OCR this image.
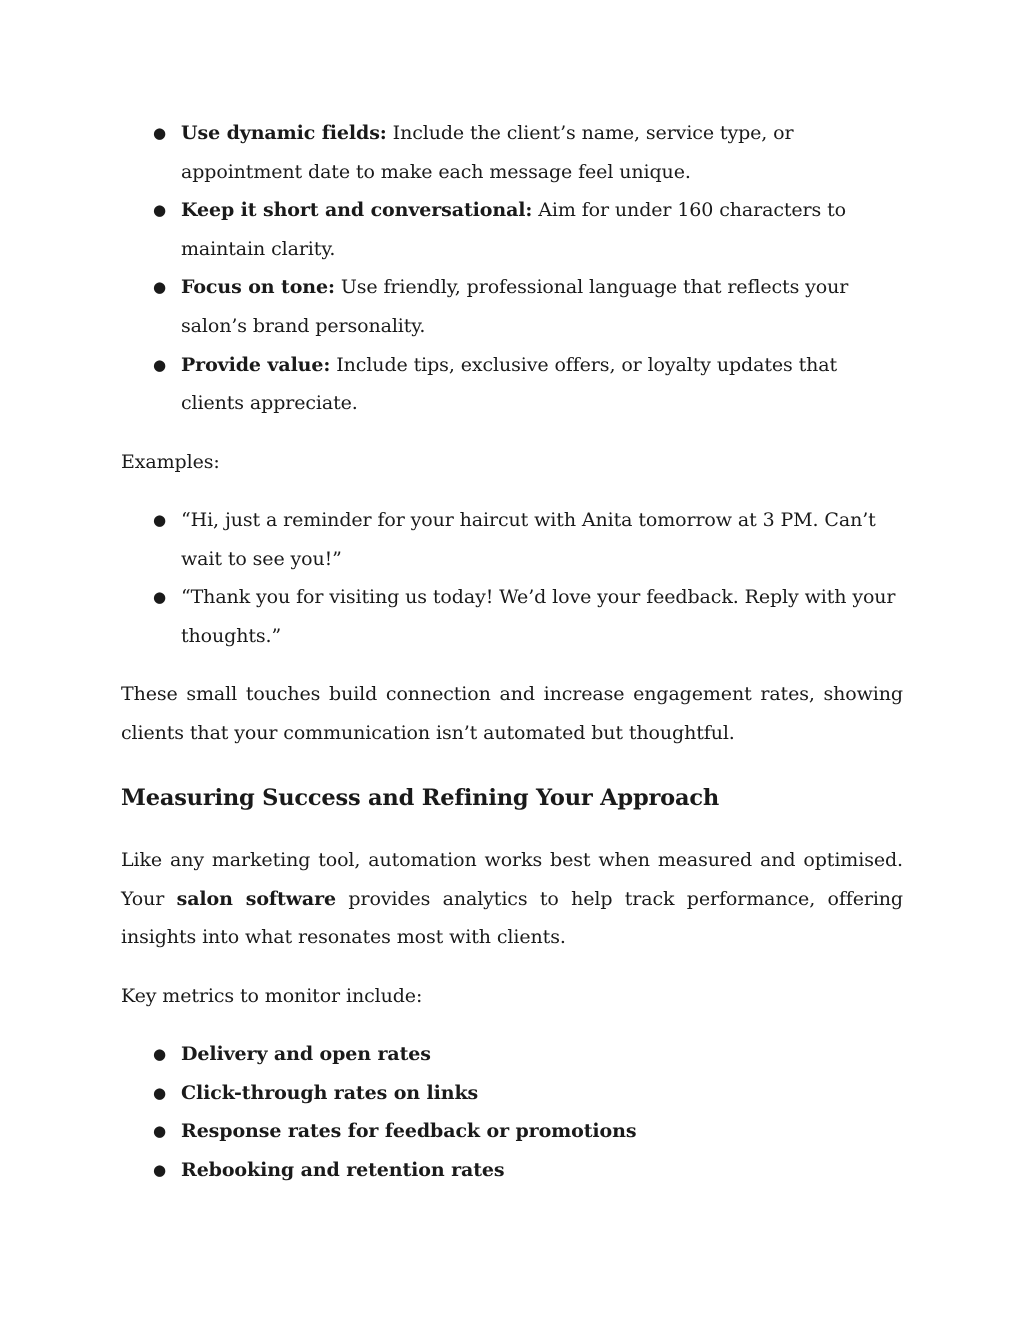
● Use dynamic fields: Include the client’s name, service type, or appointment date to make each message feel unique.
● Keep it short and conversational: Aim for under 160 characters to maintain clarity.
● Focus on tone: Use friendly, professional language that reflects your salon’s brand personality.
● Provide value: Include tips, exclusive offers, or loyalty updates that clients appreciate.
Examples:
● “Hi, just a reminder for your haircut with Anita tomorrow at 3 PM. Can’t wait to see you!”
● “Thank you for visiting us today! We’d love your feedback. Reply with your thoughts.”
These small touches build connection and increase engagement rates, showing clients that your communication isn’t automated but thoughtful.
Measuring Success and Refining Your Approach
Like any marketing tool, automation works best when measured and optimised. Your salon software provides analytics to help track performance, offering insights into what resonates most with clients.
Key metrics to monitor include:
● Delivery and open rates
● Click-through rates on links
● Response rates for feedback or promotions
● Rebooking and retention rates
